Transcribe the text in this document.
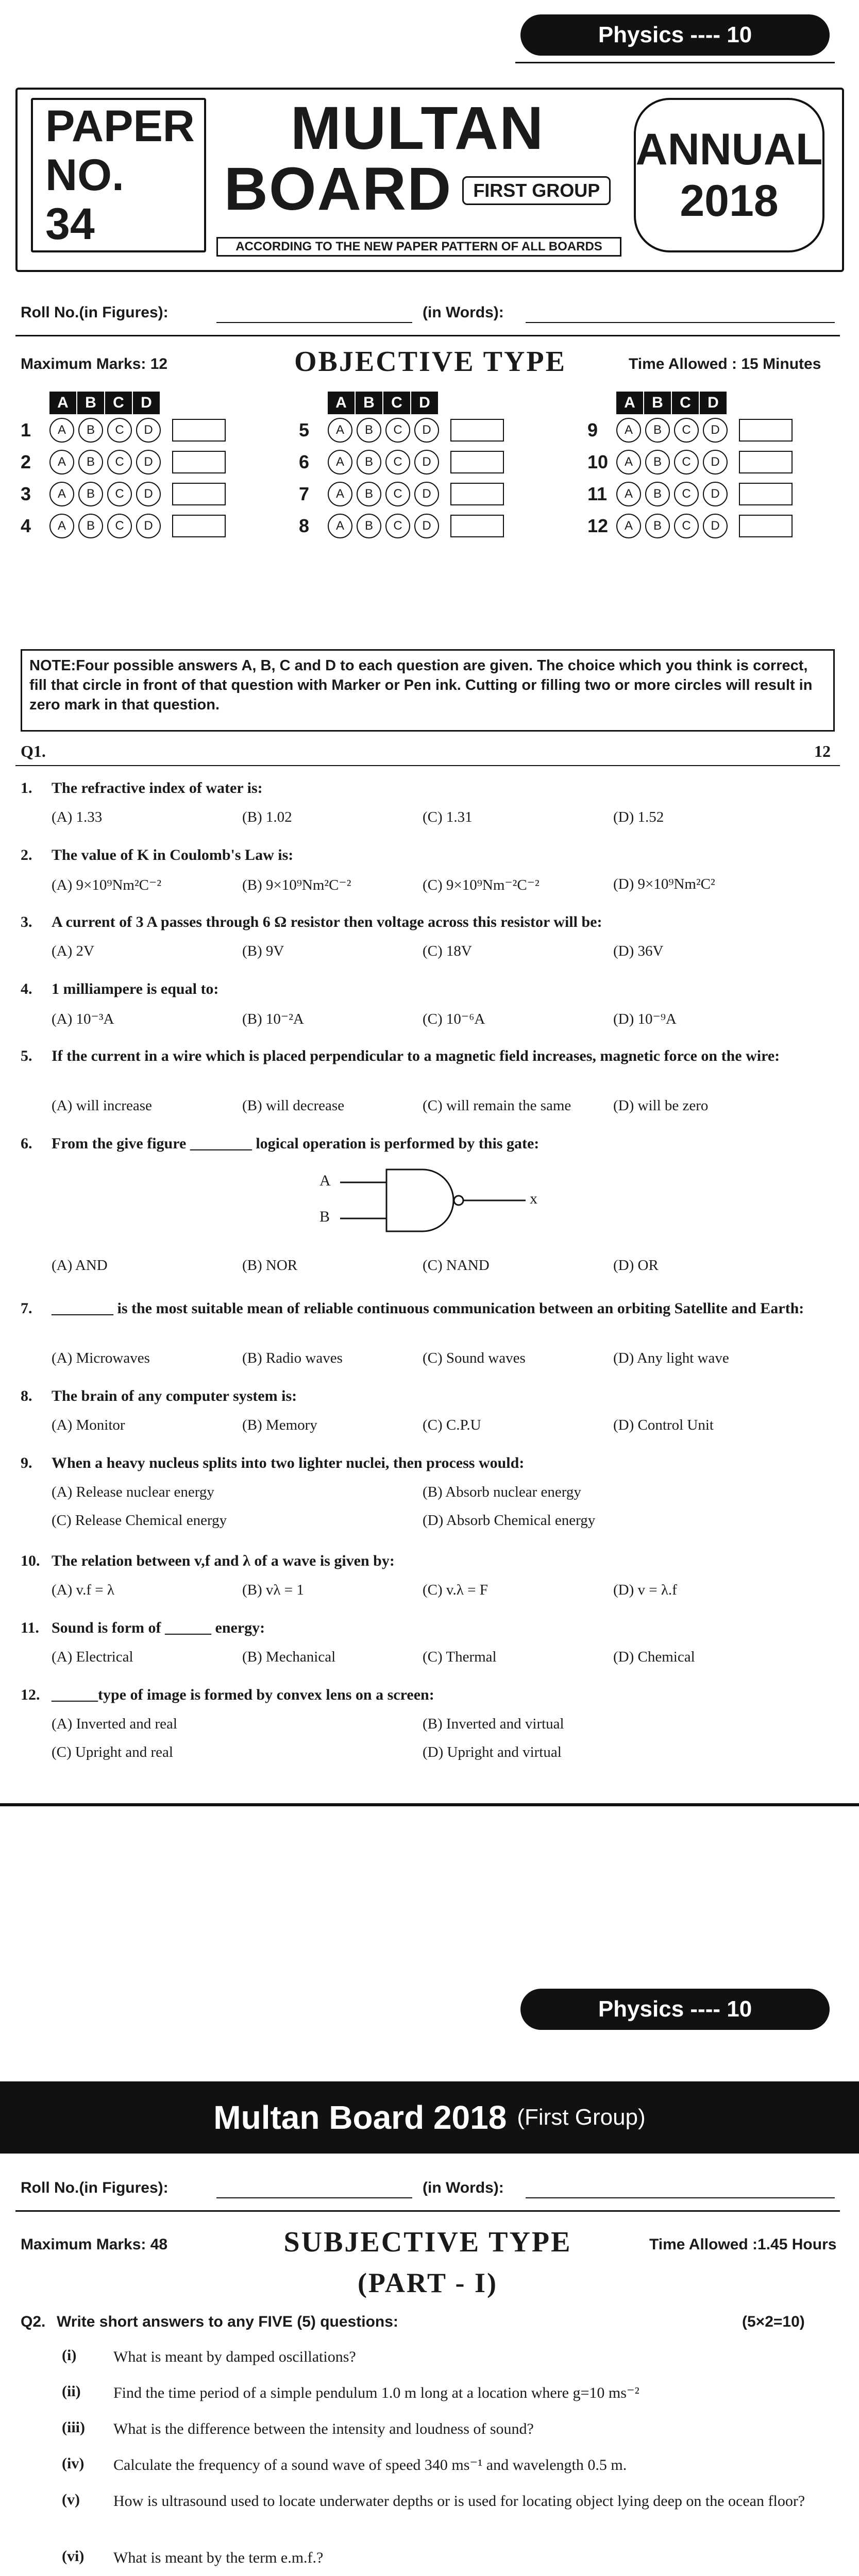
Physics ---- 10
PAPER NO.
34
MULTAN
BOARD	FIRST GROUP
ACCORDING TO THE NEW PAPER PATTERN OF ALL BOARDS
ANNUAL
2018
Roll No.(in Figures):	(in Words):
Maximum Marks: 12	OBJECTIVE TYPE	Time Allowed : 15 Minutes
A	B	C	D
1	A	B	C	D
2	A	B	C	D
3	A	B	C	D
4	A	B	C	D
A	B	C	D
5	A	B	C	D
6	A	B	C	D
7	A	B	C	D
8	A	B	C	D
A	B	C	D
9	A	B	C	D
10	A	B	C	D
11	A	B	C	D
12	A	B	C	D
NOTE:Four possible answers A, B, C and D to each question are given. The choice which you think is correct, fill that circle in front of that question with Marker or Pen ink. Cutting or filling two or more circles will result in zero mark in that question.
Q1.	12
1. The refractive index of water is:
(A) 1.33	(B) 1.02	(C) 1.31	(D) 1.52
2. The value of K in Coulomb's Law is:
(A) 9×10⁹Nm²C⁻²	(B) 9×10⁹Nm²C⁻²	(C) 9×10⁹Nm⁻²C⁻²	(D) 9×10⁹Nm²C²
3. A current of 3 A passes through 6 Ω resistor then voltage across this resistor will be:
(A) 2V	(B) 9V	(C) 18V	(D) 36V
4. 1 milliampere is equal to:
(A) 10⁻³A	(B) 10⁻²A	(C) 10⁻⁶A	(D) 10⁻⁹A
5. If the current in a wire which is placed perpendicular to a magnetic field increases, magnetic force on the wire:
(A) will increase	(B) will decrease	(C) will remain the same	(D) will be zero
6. From the give figure ________ logical operation is performed by this gate:
A
B
x
(A) AND	(B) NOR	(C) NAND	(D) OR
7. ________ is the most suitable mean of reliable continuous communication between an orbiting Satellite and Earth:
(A) Microwaves	(B) Radio waves	(C) Sound waves	(D) Any light wave
8. The brain of any computer system is:
(A) Monitor	(B) Memory	(C) C.P.U	(D) Control Unit
9. When a heavy nucleus splits into two lighter nuclei, then process would:
(A) Release nuclear energy	(B) Absorb nuclear energy
(C) Release Chemical energy	(D) Absorb Chemical energy
10. The relation between v,f and λ of a wave is given by:
(A) v.f = λ	(B) vλ = 1	(C) v.λ = F	(D) v = λ.f
11. Sound is form of ______ energy:
(A) Electrical	(B) Mechanical	(C) Thermal	(D) Chemical
12. ______type of image is formed by convex lens on a screen:
(A) Inverted and real	(B) Inverted and virtual
(C) Upright and real	(D) Upright and virtual
Physics ---- 10
Multan Board 2018 (First Group)
Roll No.(in Figures):	(in Words):
Maximum Marks: 48	SUBJECTIVE TYPE	Time Allowed :1.45 Hours
(PART - I)
Q2. Write short answers to any FIVE (5) questions:	(5×2=10)
(i) What is meant by damped oscillations?
(ii) Find the time period of a simple pendulum 1.0 m long at a location where g=10 ms⁻²
(iii) What is the difference between the intensity and loudness of sound?
(iv) Calculate the frequency of a sound wave of speed 340 ms⁻¹ and wavelength 0.5 m.
(v) How is ultrasound used to locate underwater depths or is used for locating object lying deep on the ocean floor?
(vi) What is meant by the term e.m.f.?
